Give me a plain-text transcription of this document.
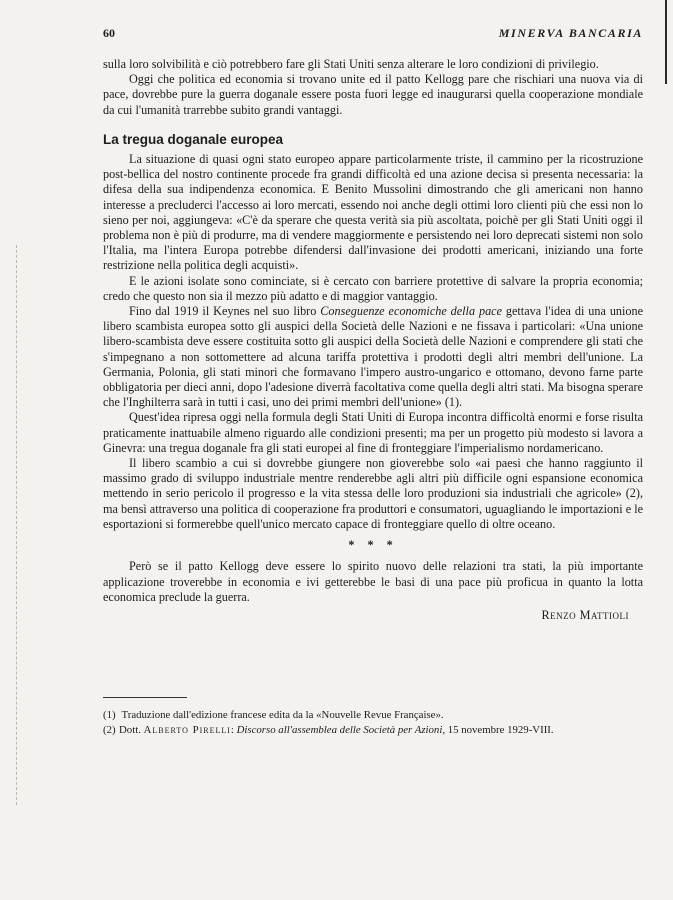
60	MINERVA BANCARIA

sulla loro solvibilità e ciò potrebbero fare gli Stati Uniti senza alterare le loro condizioni di privilegio.

Oggi che politica ed economia si trovano unite ed il patto Kellogg pare che rischiari una nuova via di pace, dovrebbe pure la guerra doganale essere posta fuori legge ed inaugurarsi quella cooperazione mondiale da cui l'umanità trarrebbe subito grandi vantaggi.

La tregua doganale europea

La situazione di quasi ogni stato europeo appare particolarmente triste, il cammino per la ricostruzione post-bellica del nostro continente procede fra grandi difficoltà ed una azione decisa si presenta necessaria: la difesa della sua indipendenza economica. E Benito Mussolini dimostrando che gli americani non hanno interesse a precluderci l'accesso ai loro mercati, essendo noi anche degli ottimi loro clienti più che essi non lo sieno per noi, aggiungeva: «C'è da sperare che questa verità sia più ascoltata, poichè per gli Stati Uniti oggi il problema non è più di produrre, ma di vendere maggiormente e persistendo nei loro deprecati sistemi non solo l'Italia, ma l'intera Europa potrebbe difendersi dall'invasione dei prodotti americani, iniziando una forte restrizione nella politica degli acquisti».

E le azioni isolate sono cominciate, si è cercato con barriere protettive di salvare la propria economia; credo che questo non sia il mezzo più adatto e di maggior vantaggio.

Fino dal 1919 il Keynes nel suo libro Conseguenze economiche della pace gettava l'idea di una unione libero scambista europea sotto gli auspici della Società delle Nazioni e ne fissava i particolari: «Una unione libero-scambista deve essere costituita sotto gli auspici della Società delle Nazioni e comprendere gli stati che s'impegnano a non sottomettere ad alcuna tariffa protettiva i prodotti degli altri membri dell'unione. La Germania, Polonia, gli stati minori che formavano l'impero austro-ungarico e ottomano, devono farne parte obbligatoria per dieci anni, dopo l'adesione diverrà facoltativa come quella degli altri stati. Ma bisogna sperare che l'Inghilterra sarà in tutti i casi, uno dei primi membri dell'unione» (1).

Quest'idea ripresa oggi nella formula degli Stati Uniti di Europa incontra difficoltà enormi e forse risulta praticamente inattuabile almeno riguardo alle condizioni presenti; ma per un progetto più modesto si lavora a Ginevra: una tregua doganale fra gli stati europei al fine di fronteggiare l'imperialismo nordamericano.

Il libero scambio a cui si dovrebbe giungere non gioverebbe solo «ai paesi che hanno raggiunto il massimo grado di sviluppo industriale mentre renderebbe agli altri più difficile ogni espansione economica mettendo in serio pericolo il progresso e la vita stessa delle loro produzioni sia industriali che agricole» (2), ma bensì attraverso una politica di cooperazione fra produttori e consumatori, uguagliando le importazioni e le esportazioni si formerebbe quell'unico mercato capace di fronteggiare quello di oltre oceano.

* * *

Però se il patto Kellogg deve essere lo spirito nuovo delle relazioni tra stati, la più importante applicazione troverebbe in economia e ivi getterebbe le basi di una pace più proficua in quanto la lotta economica preclude la guerra.

Renzo Mattioli

(1) Traduzione dall'edizione francese edita da la «Nouvelle Revue Française».

(2) Dott. Alberto Pirelli: Discorso all'assemblea delle Società per Azioni, 15 novembre 1929-VIII.
